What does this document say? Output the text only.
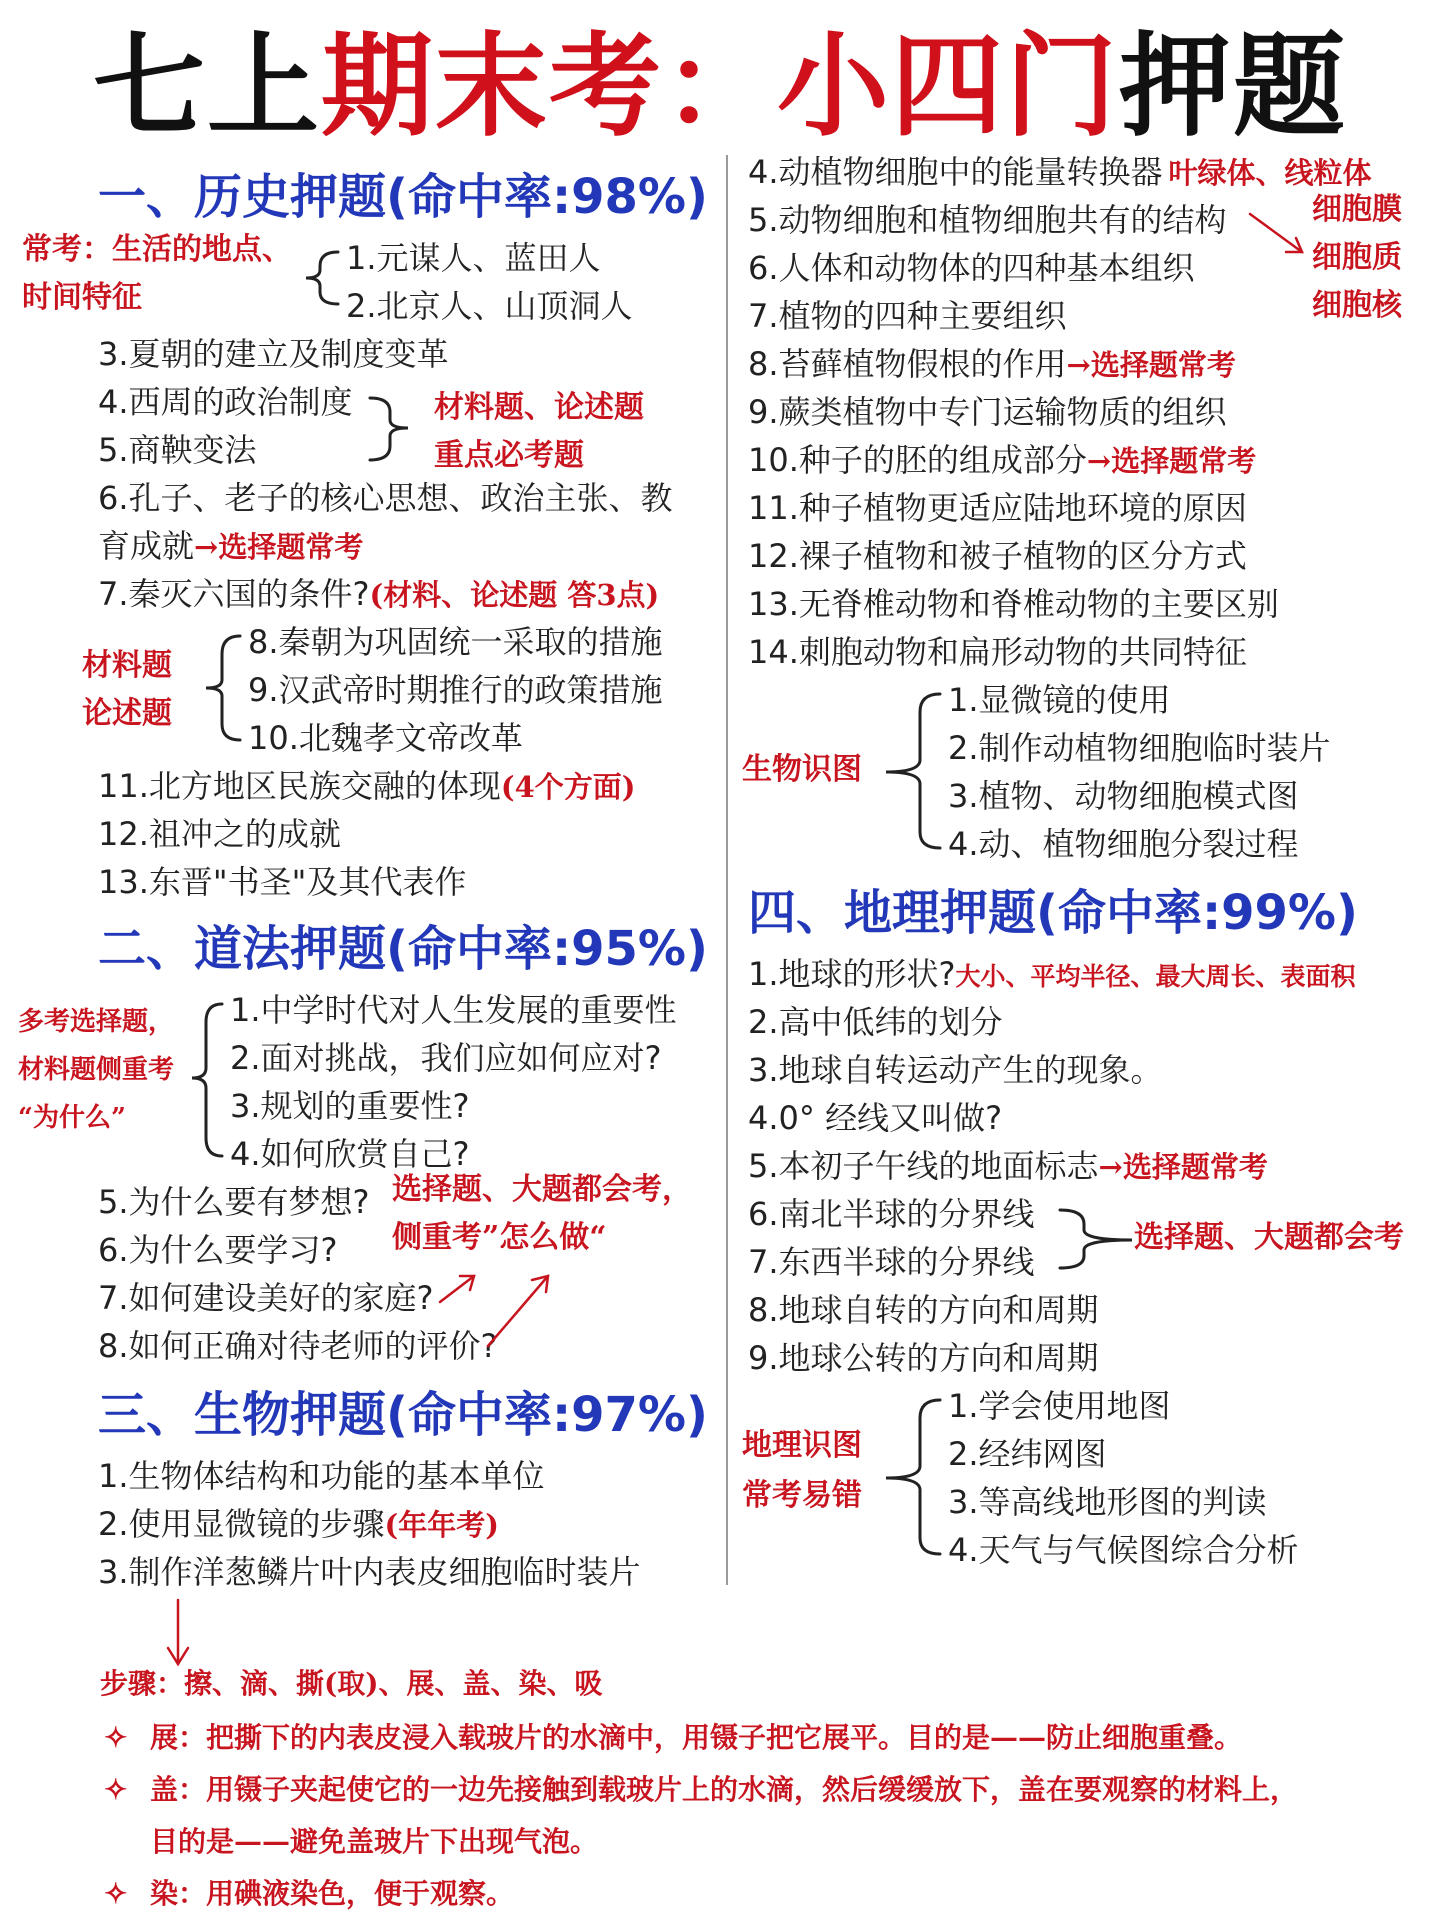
七上期末考：小四门押题
一、历史押题(命中率:98%)
常考：生活的地点、
时间特征
1.元谋人、蓝田人
2.北京人、山顶洞人
3.夏朝的建立及制度变革
4.西周的政治制度
5.商鞅变法
材料题、论述题
重点必考题
6.孔子、老子的核心思想、政治主张、教
育成就→选择题常考
7.秦灭六国的条件?(材料、论述题 答3点)
材料题
论述题
8.秦朝为巩固统一采取的措施
9.汉武帝时期推行的政策措施
10.北魏孝文帝改革
11.北方地区民族交融的体现(4个方面)
12.祖冲之的成就
13.东晋"书圣"及其代表作
二、道法押题(命中率:95%)
多考选择题，
材料题侧重考
“为什么”
1.中学时代对人生发展的重要性
2.面对挑战，我们应如何应对?
3.规划的重要性?
4.如何欣赏自己?
5.为什么要有梦想?
6.为什么要学习?
7.如何建设美好的家庭?
8.如何正确对待老师的评价?
选择题、大题都会考，
侧重考”怎么做“
三、生物押题(命中率:97%)
1.生物体结构和功能的基本单位
2.使用显微镜的步骤(年年考)
3.制作洋葱鳞片叶内表皮细胞临时装片
步骤：擦、滴、撕(取)、展、盖、染、吸
✧ 展：把撕下的内表皮浸入载玻片的水滴中，用镊子把它展平。目的是——防止细胞重叠。
✧ 盖：用镊子夹起使它的一边先接触到载玻片上的水滴，然后缓缓放下，盖在要观察的材料上，
目的是——避免盖玻片下出现气泡。
✧ 染：用碘液染色，便于观察。
4.动植物细胞中的能量转换器 叶绿体、线粒体
5.动物细胞和植物细胞共有的结构	细胞膜
细胞质
细胞核
6.人体和动物体的四种基本组织
7.植物的四种主要组织
8.苔藓植物假根的作用→选择题常考
9.蕨类植物中专门运输物质的组织
10.种子的胚的组成部分→选择题常考
11.种子植物更适应陆地环境的原因
12.裸子植物和被子植物的区分方式
13.无脊椎动物和脊椎动物的主要区别
14.刺胞动物和扁形动物的共同特征
生物识图
1.显微镜的使用
2.制作动植物细胞临时装片
3.植物、动物细胞模式图
4.动、植物细胞分裂过程
四、地理押题(命中率:99%)
1.地球的形状?大小、平均半径、最大周长、表面积
2.高中低纬的划分
3.地球自转运动产生的现象。
4.0° 经线又叫做?
5.本初子午线的地面标志→选择题常考
6.南北半球的分界线
7.东西半球的分界线
选择题、大题都会考
8.地球自转的方向和周期
9.地球公转的方向和周期
地理识图
常考易错
1.学会使用地图
2.经纬网图
3.等高线地形图的判读
4.天气与气候图综合分析
